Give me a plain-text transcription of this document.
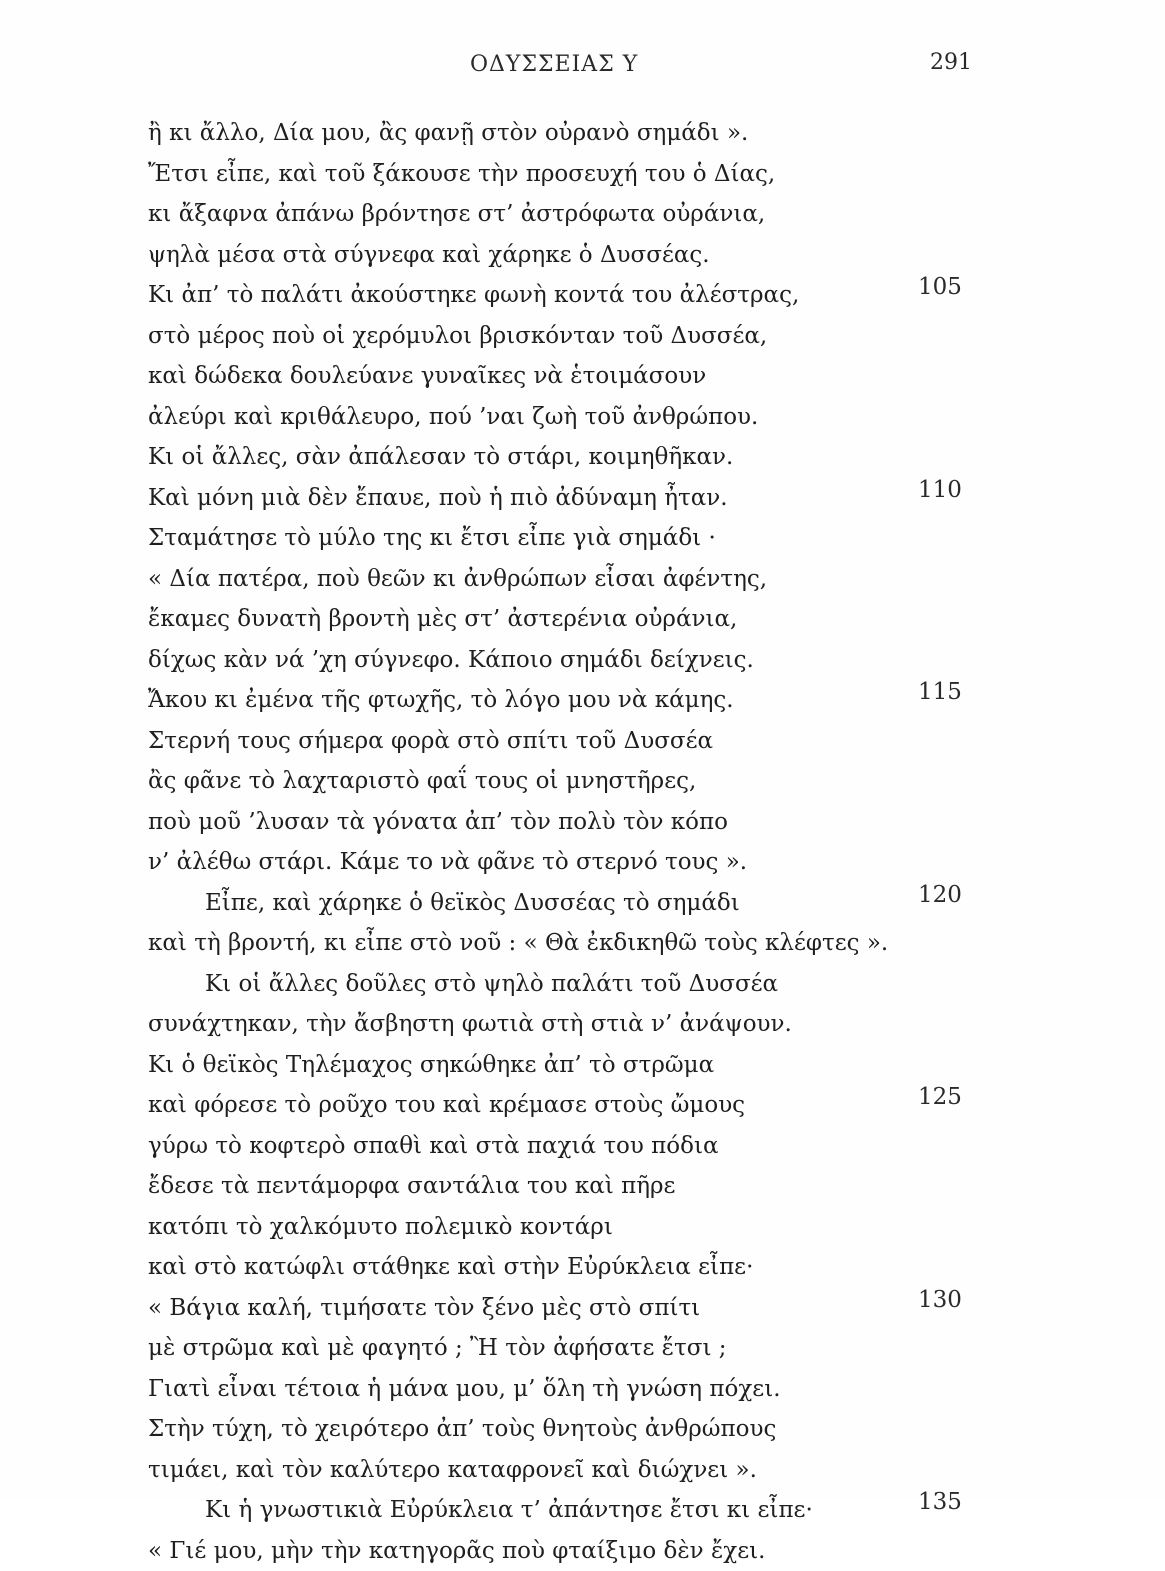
ΟΔΥΣΣΕΙΑΣ Υ	291
ἢ κι ἄλλο, Δία μου, ἂς φανῇ στὸν οὐρανὸ σημάδι ».
Ἔτσι εἶπε, καὶ τοῦ ξάκουσε τὴν προσευχή του ὁ Δίας,
κι ἄξαφνα ἀπάνω βρόντησε στ’ ἀστρόφωτα οὐράνια,
ψηλὰ μέσα στὰ σύγνεφα καὶ χάρηκε ὁ Δυσσέας.
Κι ἀπ’ τὸ παλάτι ἀκούστηκε φωνὴ κοντά του ἀλέστρας,	105
στὸ μέρος ποὺ οἱ χερόμυλοι βρισκόνταν τοῦ Δυσσέα,
καὶ δώδεκα δουλεύανε γυναῖκες νὰ ἑτοιμάσουν
ἀλεύρι καὶ κριθάλευρο, πού ’ναι ζωὴ τοῦ ἀνθρώπου.
Κι οἱ ἄλλες, σὰν ἀπάλεσαν τὸ στάρι, κοιμηθῆκαν.
Καὶ μόνη μιὰ δὲν ἔπαυε, ποὺ ἡ πιὸ ἀδύναμη ἦταν.	110
Σταμάτησε τὸ μύλο της κι ἔτσι εἶπε γιὰ σημάδι ·
« Δία πατέρα, ποὺ θεῶν κι ἀνθρώπων εἶσαι ἀφέντης,
ἔκαμες δυνατὴ βροντὴ μὲς στ’ ἀστερένια οὐράνια,
δίχως κὰν νά ’χη σύγνεφο. Κάποιο σημάδι δείχνεις.
Ἄκου κι ἐμένα τῆς φτωχῆς, τὸ λόγο μου νὰ κάμης.	115
Στερνή τους σήμερα φορὰ στὸ σπίτι τοῦ Δυσσέα
ἂς φᾶνε τὸ λαχταριστὸ φαΐ τους οἱ μνηστῆρες,
ποὺ μοῦ ’λυσαν τὰ γόνατα ἀπ’ τὸν πολὺ τὸν κόπο
ν’ ἀλέθω στάρι. Κάμε το νὰ φᾶνε τὸ στερνό τους ».
Εἶπε, καὶ χάρηκε ὁ θεϊκὸς Δυσσέας τὸ σημάδι	120
καὶ τὴ βροντή, κι εἶπε στὸ νοῦ : « Θὰ ἐκδικηθῶ τοὺς κλέφτες ».
Κι οἱ ἄλλες δοῦλες στὸ ψηλὸ παλάτι τοῦ Δυσσέα
συνάχτηκαν, τὴν ἄσβηστη φωτιὰ στὴ στιὰ ν’ ἀνάψουν.
Κι ὁ θεϊκὸς Τηλέμαχος σηκώθηκε ἀπ’ τὸ στρῶμα
καὶ φόρεσε τὸ ροῦχο του καὶ κρέμασε στοὺς ὤμους	125
γύρω τὸ κοφτερὸ σπαθὶ καὶ στὰ παχιά του πόδια
ἔδεσε τὰ πεντάμορφα σαντάλια του καὶ πῆρε
κατόπι τὸ χαλκόμυτο πολεμικὸ κοντάρι
καὶ στὸ κατώφλι στάθηκε καὶ στὴν Εὐρύκλεια εἶπε·
« Βάγια καλή, τιμήσατε τὸν ξένο μὲς στὸ σπίτι	130
μὲ στρῶμα καὶ μὲ φαγητό ; Ἢ τὸν ἀφήσατε ἔτσι ;
Γιατὶ εἶναι τέτοια ἡ μάνα μου, μ’ ὅλη τὴ γνώση πόχει.
Στὴν τύχη, τὸ χειρότερο ἀπ’ τοὺς θνητοὺς ἀνθρώπους
τιμάει, καὶ τὸν καλύτερο καταφρονεῖ καὶ διώχνει ».
Κι ἡ γνωστικιὰ Εὐρύκλεια τ’ ἀπάντησε ἔτσι κι εἶπε·	135
« Γιέ μου, μὴν τὴν κατηγορᾶς ποὺ φταίξιμο δὲν ἔχει.
